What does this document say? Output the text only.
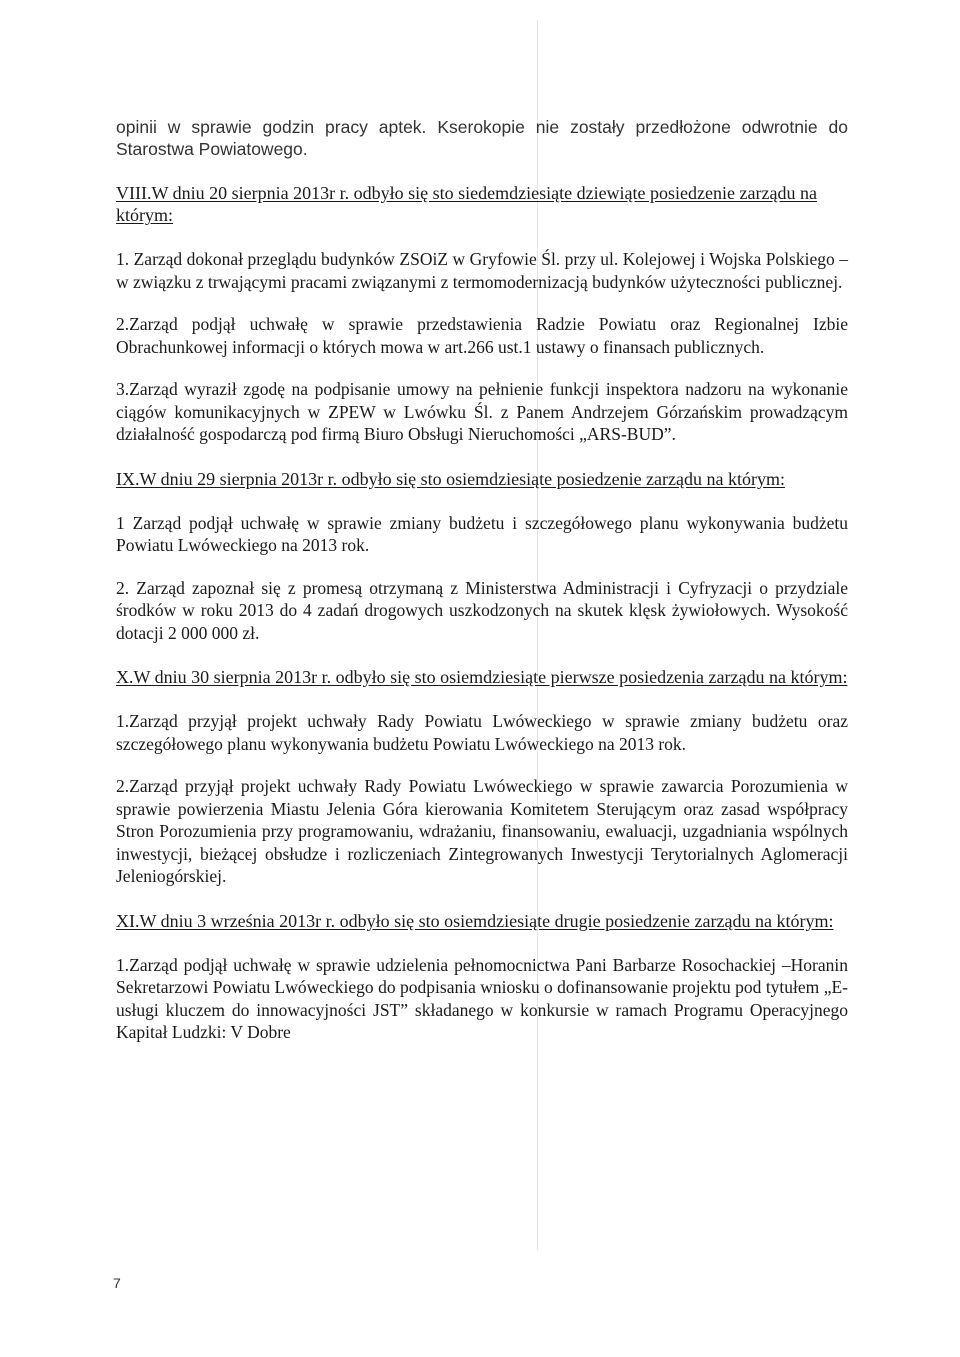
opinii w sprawie godzin pracy aptek. Kserokopie nie zostały przedłożone odwrotnie do Starostwa Powiatowego.

VIII.W dniu 20 sierpnia 2013r r. odbyło się sto siedemdziesiąte dziewiąte posiedzenie zarządu na którym:

1. Zarząd dokonał przeglądu budynków ZSOiZ w Gryfowie Śl. przy ul. Kolejowej i Wojska Polskiego – w związku z trwającymi pracami związanymi z termomodernizacją budynków użyteczności publicznej.

2.Zarząd podjął uchwałę w sprawie przedstawienia Radzie Powiatu oraz Regionalnej Izbie Obrachunkowej informacji o których mowa w art.266 ust.1 ustawy o finansach publicznych.

3.Zarząd wyraził zgodę na podpisanie umowy na pełnienie funkcji inspektora nadzoru na wykonanie ciągów komunikacyjnych w ZPEW w Lwówku Śl. z Panem Andrzejem Górzańskim prowadzącym działalność gospodarczą pod firmą Biuro Obsługi Nieruchomości „ARS-BUD”.

IX.W dniu 29 sierpnia 2013r r. odbyło się sto osiemdziesiąte posiedzenie zarządu na którym:

1 Zarząd podjął uchwałę w sprawie zmiany budżetu i szczegółowego planu wykonywania budżetu Powiatu Lwóweckiego na 2013 rok.

2. Zarząd zapoznał się z promesą otrzymaną z Ministerstwa Administracji i Cyfryzacji o przydziale środków w roku 2013 do 4 zadań drogowych uszkodzonych na skutek klęsk żywiołowych. Wysokość dotacji 2 000 000 zł.

X.W dniu 30 sierpnia 2013r r. odbyło się sto osiemdziesiąte pierwsze posiedzenia zarządu na którym:

1.Zarząd przyjął projekt uchwały Rady Powiatu Lwóweckiego w sprawie zmiany budżetu oraz szczegółowego planu wykonywania budżetu Powiatu Lwóweckiego na 2013 rok.

2.Zarząd przyjął projekt uchwały Rady Powiatu Lwóweckiego w sprawie zawarcia Porozumienia w sprawie powierzenia Miastu Jelenia Góra kierowania Komitetem Sterującym oraz zasad współpracy Stron Porozumienia przy programowaniu, wdrażaniu, finansowaniu, ewaluacji, uzgadniania wspólnych inwestycji, bieżącej obsłudze i rozliczeniach Zintegrowanych Inwestycji Terytorialnych Aglomeracji Jeleniogórskiej.

XI.W dniu 3 września 2013r r. odbyło się sto osiemdziesiąte drugie posiedzenie zarządu na którym:

1.Zarząd podjął uchwałę w sprawie udzielenia pełnomocnictwa Pani Barbarze Rosochackiej –Horanin Sekretarzowi Powiatu Lwóweckiego do podpisania wniosku o dofinansowanie projektu pod tytułem „E-usługi kluczem do innowacyjności JST” składanego w konkursie w ramach Programu Operacyjnego Kapitał Ludzki: V Dobre

7
